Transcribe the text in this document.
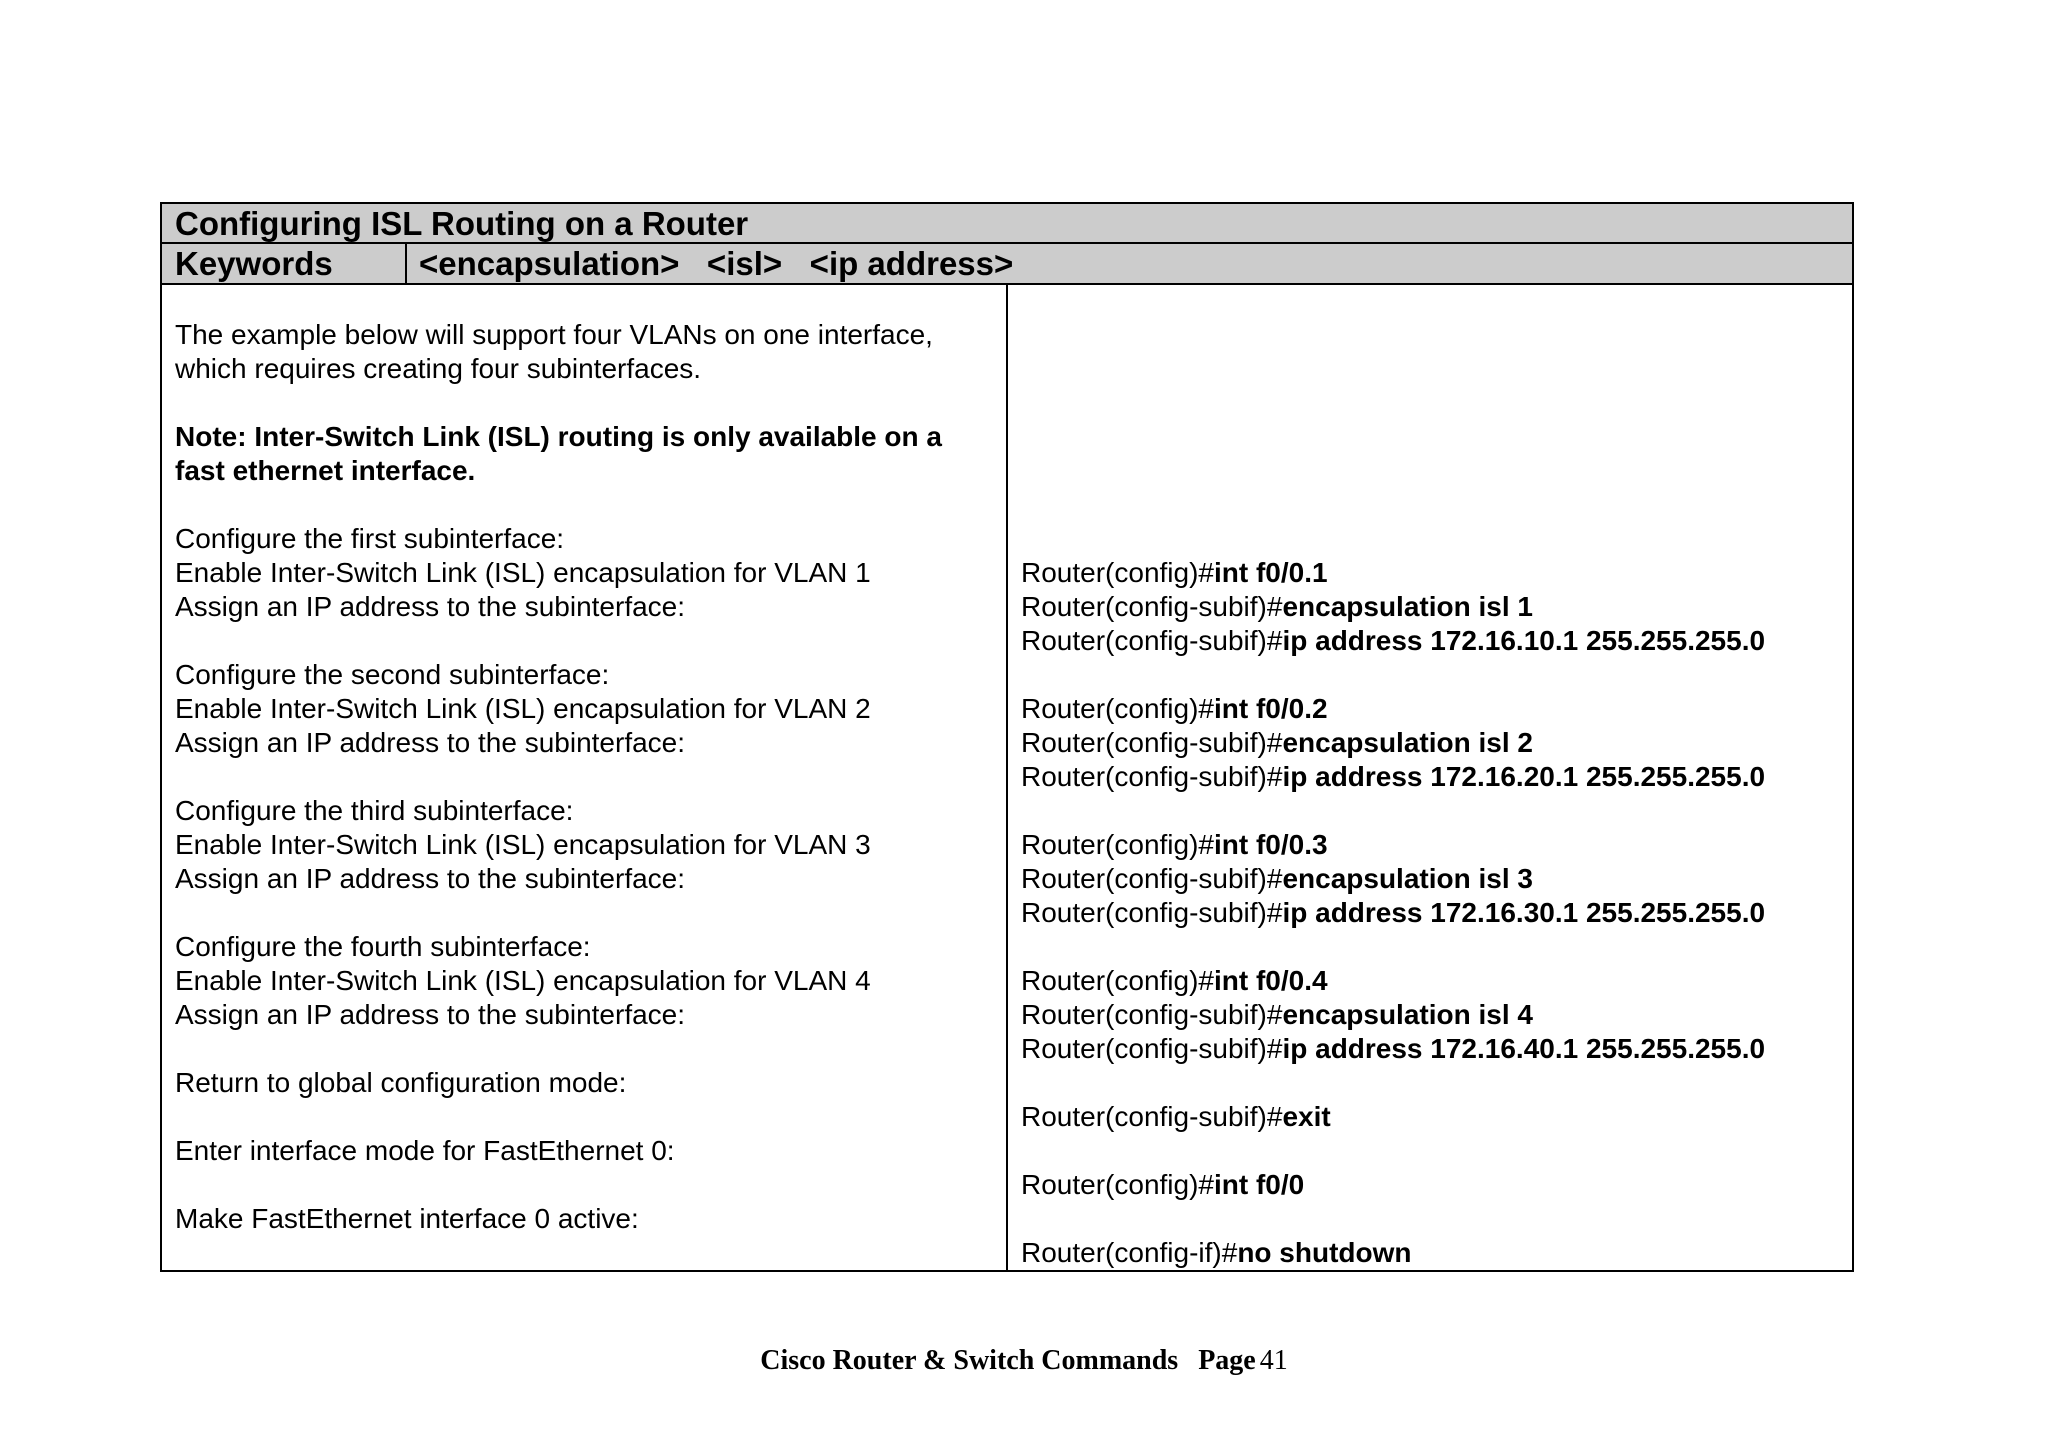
Configuring ISL Routing on a Router
Keywords	<encapsulation>   <isl>   <ip address>
The example below will support four VLANs on one interface,
which requires creating four subinterfaces.
Note: Inter-Switch Link (ISL) routing is only available on a
fast ethernet interface.
Configure the first subinterface:
Enable Inter-Switch Link (ISL) encapsulation for VLAN 1
Assign an IP address to the subinterface:
Configure the second subinterface:
Enable Inter-Switch Link (ISL) encapsulation for VLAN 2
Assign an IP address to the subinterface:
Configure the third subinterface:
Enable Inter-Switch Link (ISL) encapsulation for VLAN 3
Assign an IP address to the subinterface:
Configure the fourth subinterface:
Enable Inter-Switch Link (ISL) encapsulation for VLAN 4
Assign an IP address to the subinterface:
Return to global configuration mode:
Enter interface mode for FastEthernet 0:
Make FastEthernet interface 0 active:
Router(config)#int f0/0.1
Router(config-subif)#encapsulation isl 1
Router(config-subif)#ip address 172.16.10.1 255.255.255.0
Router(config)#int f0/0.2
Router(config-subif)#encapsulation isl 2
Router(config-subif)#ip address 172.16.20.1 255.255.255.0
Router(config)#int f0/0.3
Router(config-subif)#encapsulation isl 3
Router(config-subif)#ip address 172.16.30.1 255.255.255.0
Router(config)#int f0/0.4
Router(config-subif)#encapsulation isl 4
Router(config-subif)#ip address 172.16.40.1 255.255.255.0
Router(config-subif)#exit
Router(config)#int f0/0
Router(config-if)#no shutdown
Cisco Router & Switch Commands Page 41
